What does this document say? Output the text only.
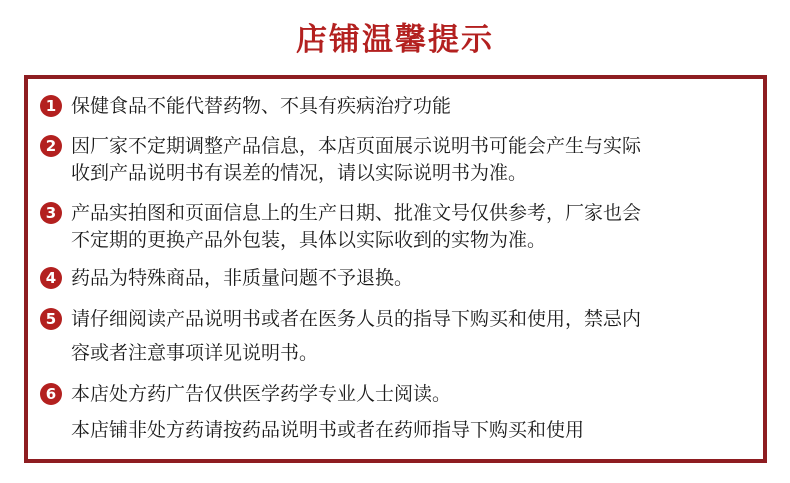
店铺温馨提示
1 保健食品不能代替药物、不具有疾病治疗功能
2 因厂家不定期调整产品信息，本店页面展示说明书可能会产生与实际
收到产品说明书有误差的情况，请以实际说明书为准。
3 产品实拍图和页面信息上的生产日期、批准文号仅供参考，厂家也会
不定期的更换产品外包装，具体以实际收到的实物为准。
4 药品为特殊商品，非质量问题不予退换。
5 请仔细阅读产品说明书或者在医务人员的指导下购买和使用，禁忌内
容或者注意事项详见说明书。
6 本店处方药广告仅供医学药学专业人士阅读。
本店铺非处方药请按药品说明书或者在药师指导下购买和使用
